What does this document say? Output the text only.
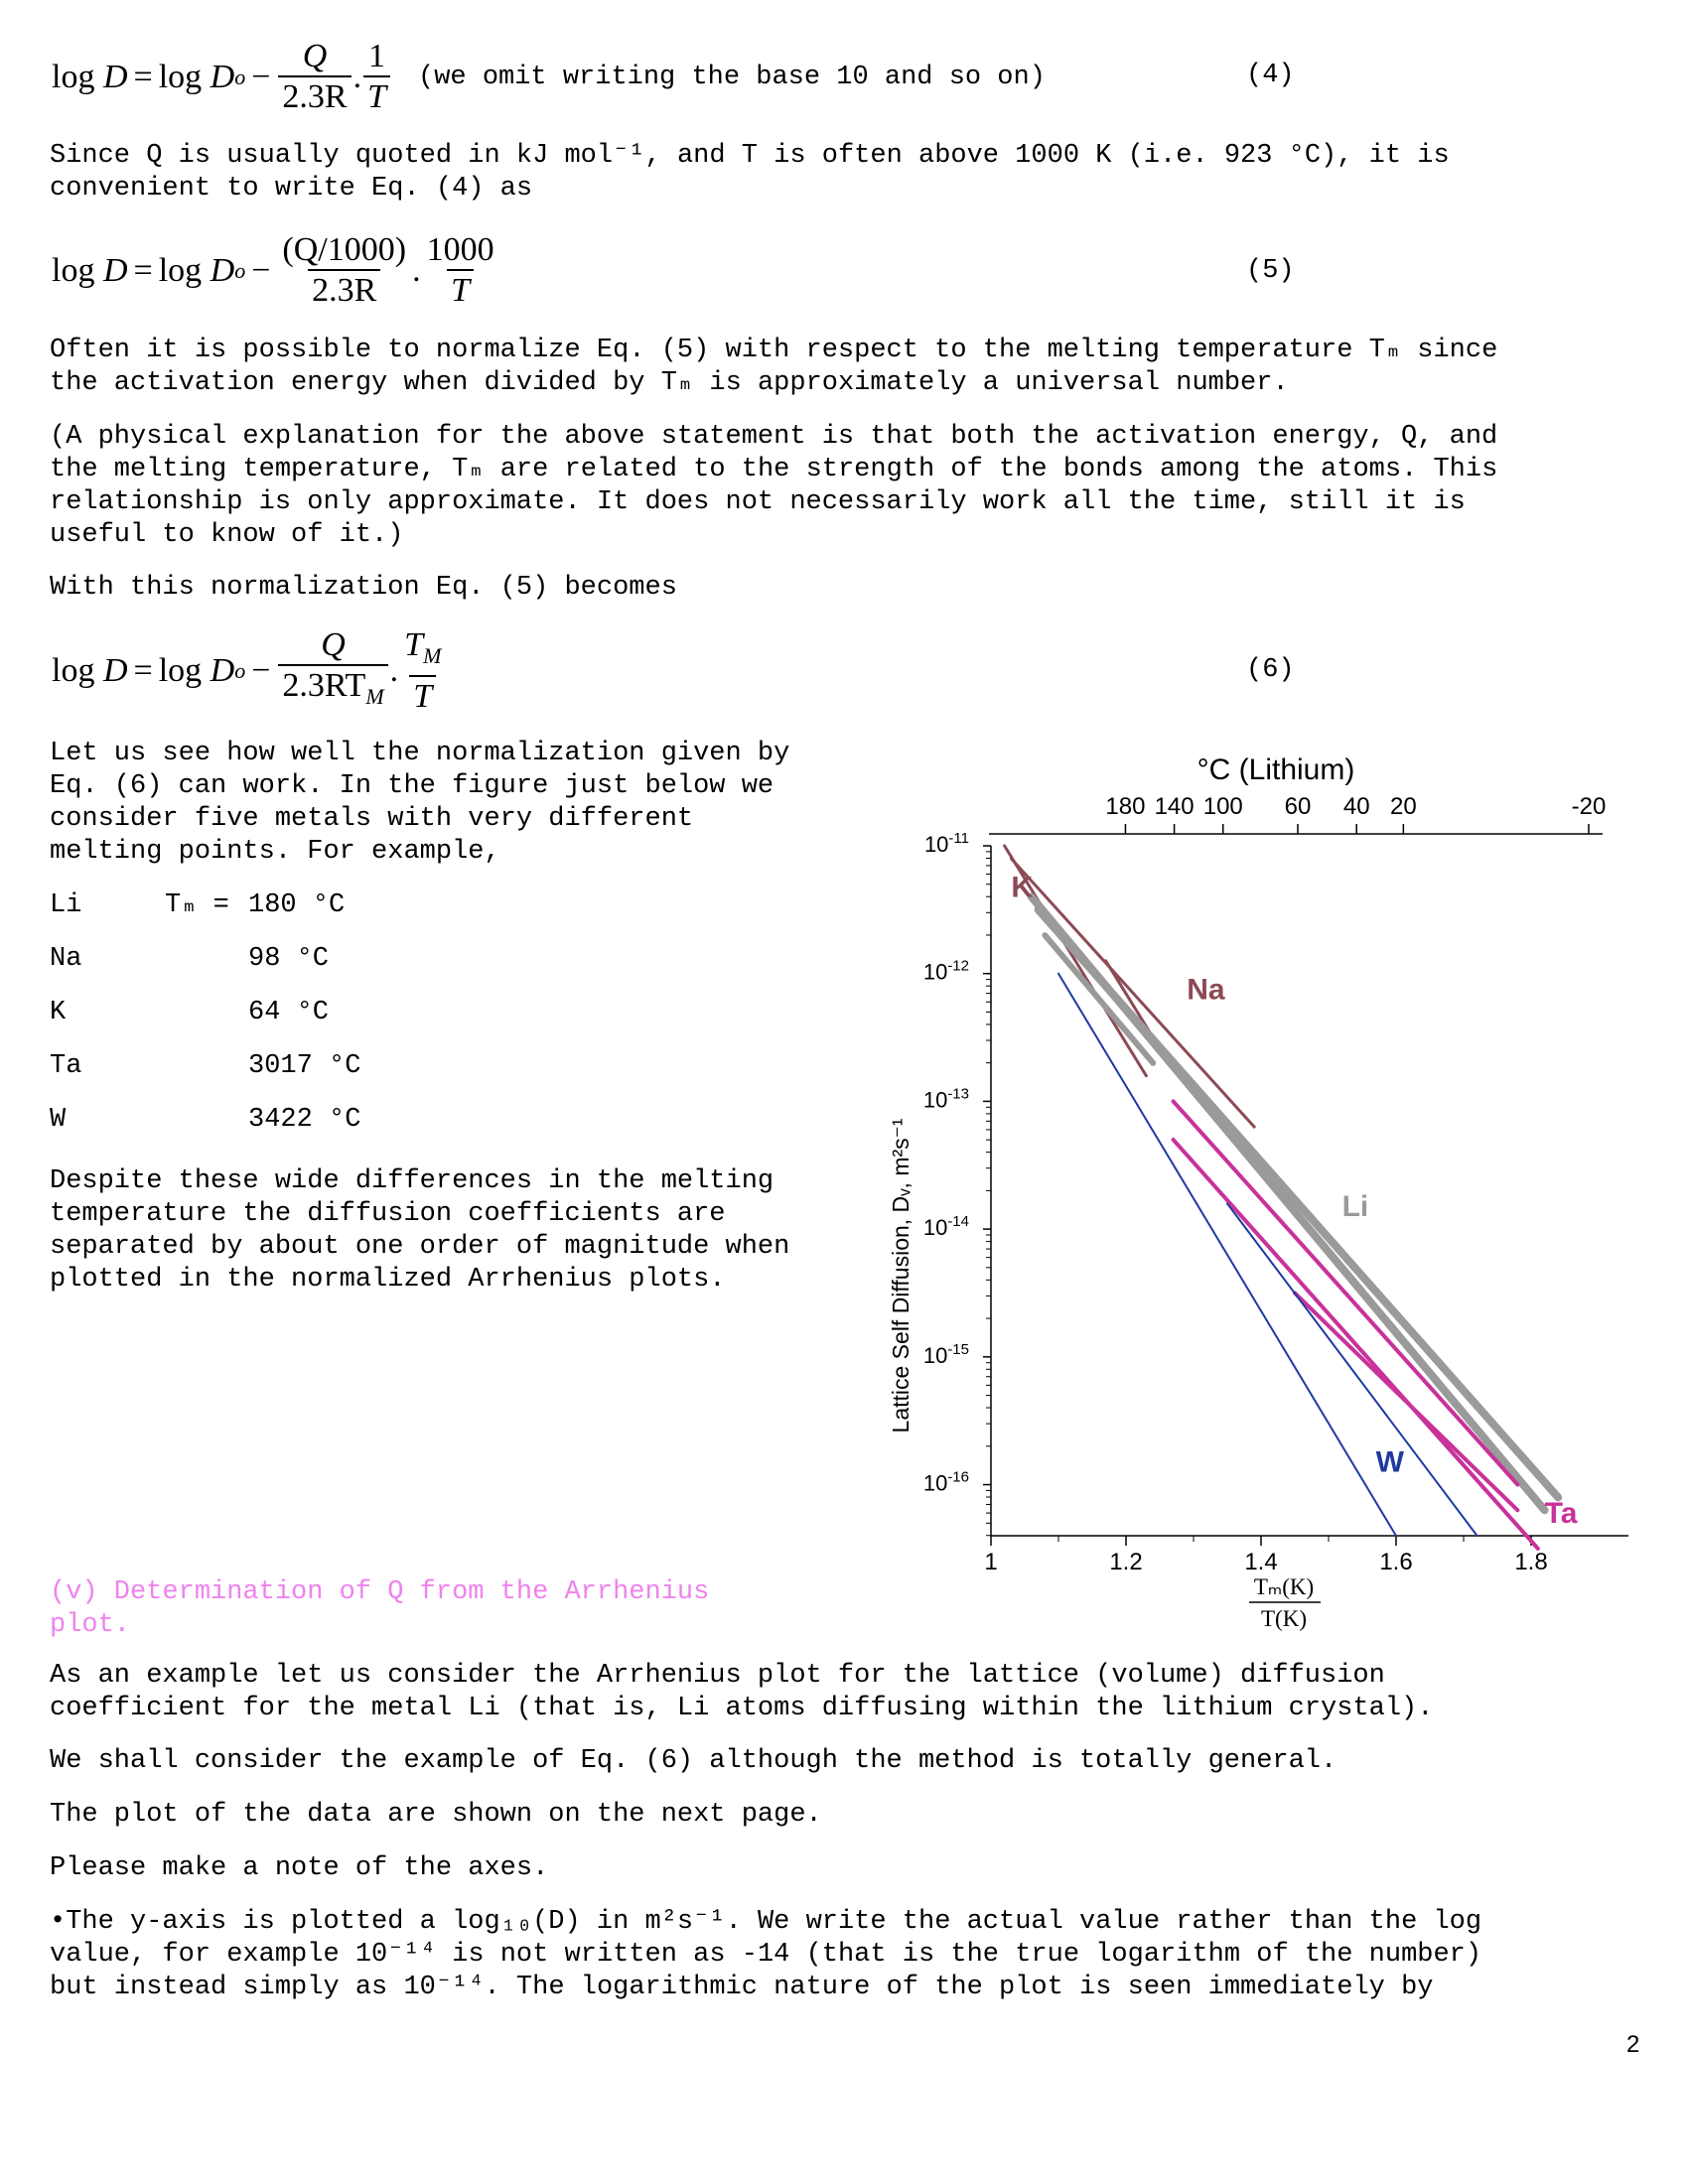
log
D = log
D $o - \frac{Q}{2.3R}$ . $\frac{1}{T} (we$ omit writing the base 10 and so on)	(4)
Since Q is usually quoted in kJ mol⁻¹, and T is often above 1000 K (i.e. 923 °C), it is
convenient to write Eq. (4) as
log
D = log
D $o - \frac{(Q/1000)}{2.3R}$ . $\frac{1000}{T}$	(5)
Often it is possible to normalize Eq. (5) with respect to the melting temperature Tₘ since
the activation energy when divided by Tₘ is approximately a universal number.
(A physical explanation for the above statement is that both the activation energy, Q, and
the melting temperature, Tₘ are related to the strength of the bonds among the atoms. This
relationship is only approximate. It does not necessarily work all the time, still it is
useful to know of it.)
With this normalization Eq. (5) becomes
log
D = log
D $o - \frac{Q}{2.3RT_M}$ . $\frac{T_M}{T}$	(6)
Let us see how well the normalization given by
Eq. (6) can work. In the figure just below we
consider five metals with very different
melting points. For example,
Li	Tₘ = 180 °C
Na	98 °C
K	64 °C
Ta	3017 °C
W	3422 °C
Despite these wide differences in the melting
temperature the diffusion coefficients are
separated by about one order of magnitude when
plotted in the normalized Arrhenius plots.
°C (Lithium)
180 140 100 60 40 20	-20
$10^{-11}$
$10^{-12}$
$10^{-13}$
$10^{-14}$
$10^{-15}$
$10^{-16}$
1	1.2	1.4	1.6	1.8
K
Na
Li
W
Ta
Lattice Self Diffusion, Dᵥ, m²s⁻¹
Tₘ(K)
T(K)
(v) Determination of Q from the Arrhenius
plot.
As an example let us consider the Arrhenius plot for the lattice (volume) diffusion
coefficient for the metal Li (that is, Li atoms diffusing within the lithium crystal).
We shall consider the example of Eq. (6) although the method is totally general.
The plot of the data are shown on the next page.
Please make a note of the axes.
•The y-axis is plotted a log₁₀(D) in m²s⁻¹. We write the actual value rather than the log
value, for example 10⁻¹⁴ is not written as -14 (that is the true logarithm of the number)
but instead simply as 10⁻¹⁴. The logarithmic nature of the plot is seen immediately by
2
